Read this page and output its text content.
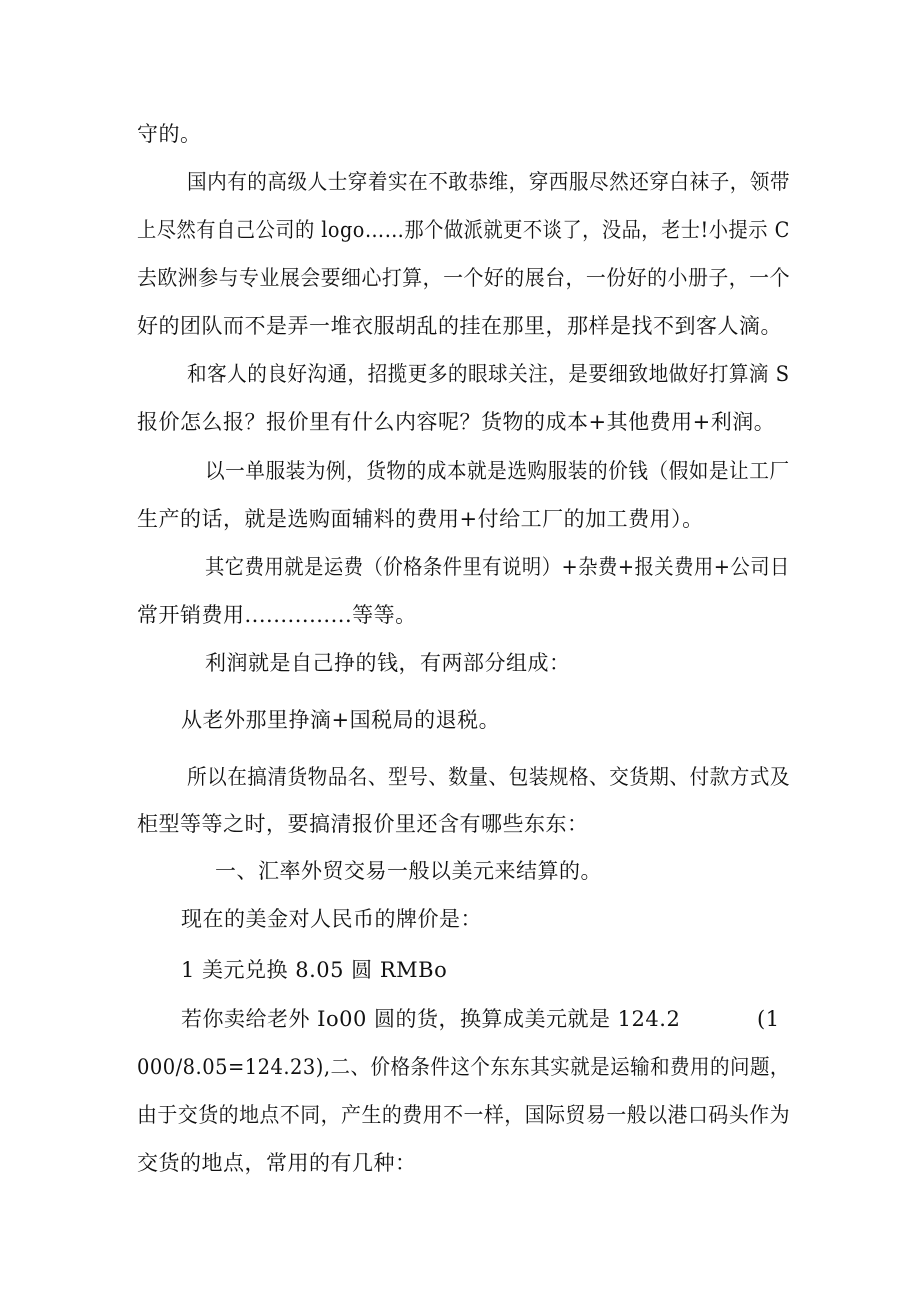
守的。
国内有的高级人士穿着实在不敢恭维，穿西服尽然还穿白袜子，领带
上尽然有自己公司的 logo……那个做派就更不谈了，没品，老士!小提示 C
去欧洲参与专业展会要细心打算，一个好的展台，一份好的小册子，一个
好的团队而不是弄一堆衣服胡乱的挂在那里，那样是找不到客人滴。
和客人的良好沟通，招揽更多的眼球关注，是要细致地做好打算滴 S
报价怎么报？报价里有什么内容呢？货物的成本+其他费用+利润。
以一单服装为例，货物的成本就是选购服装的价钱（假如是让工厂
生产的话，就是选购面辅料的费用+付给工厂的加工费用）。
其它费用就是运费（价格条件里有说明）+杂费+报关费用+公司日
常开销费用...............等等。
利润就是自己挣的钱，有两部分组成：
从老外那里挣滴+国税局的退税。
所以在搞清货物品名、型号、数量、包装规格、交货期、付款方式及
柜型等等之时，要搞清报价里还含有哪些东东：
一、汇率外贸交易一般以美元来结算的。
现在的美金对人民币的牌价是：
1 美元兑换 8.05 圆 RMBo
若你卖给老外 Io00 圆的货，换算成美元就是 124.2	(1
000/8.05=124.23),二、价格条件这个东东其实就是运输和费用的问题，
由于交货的地点不同，产生的费用不一样，国际贸易一般以港口码头作为
交货的地点，常用的有几种：
